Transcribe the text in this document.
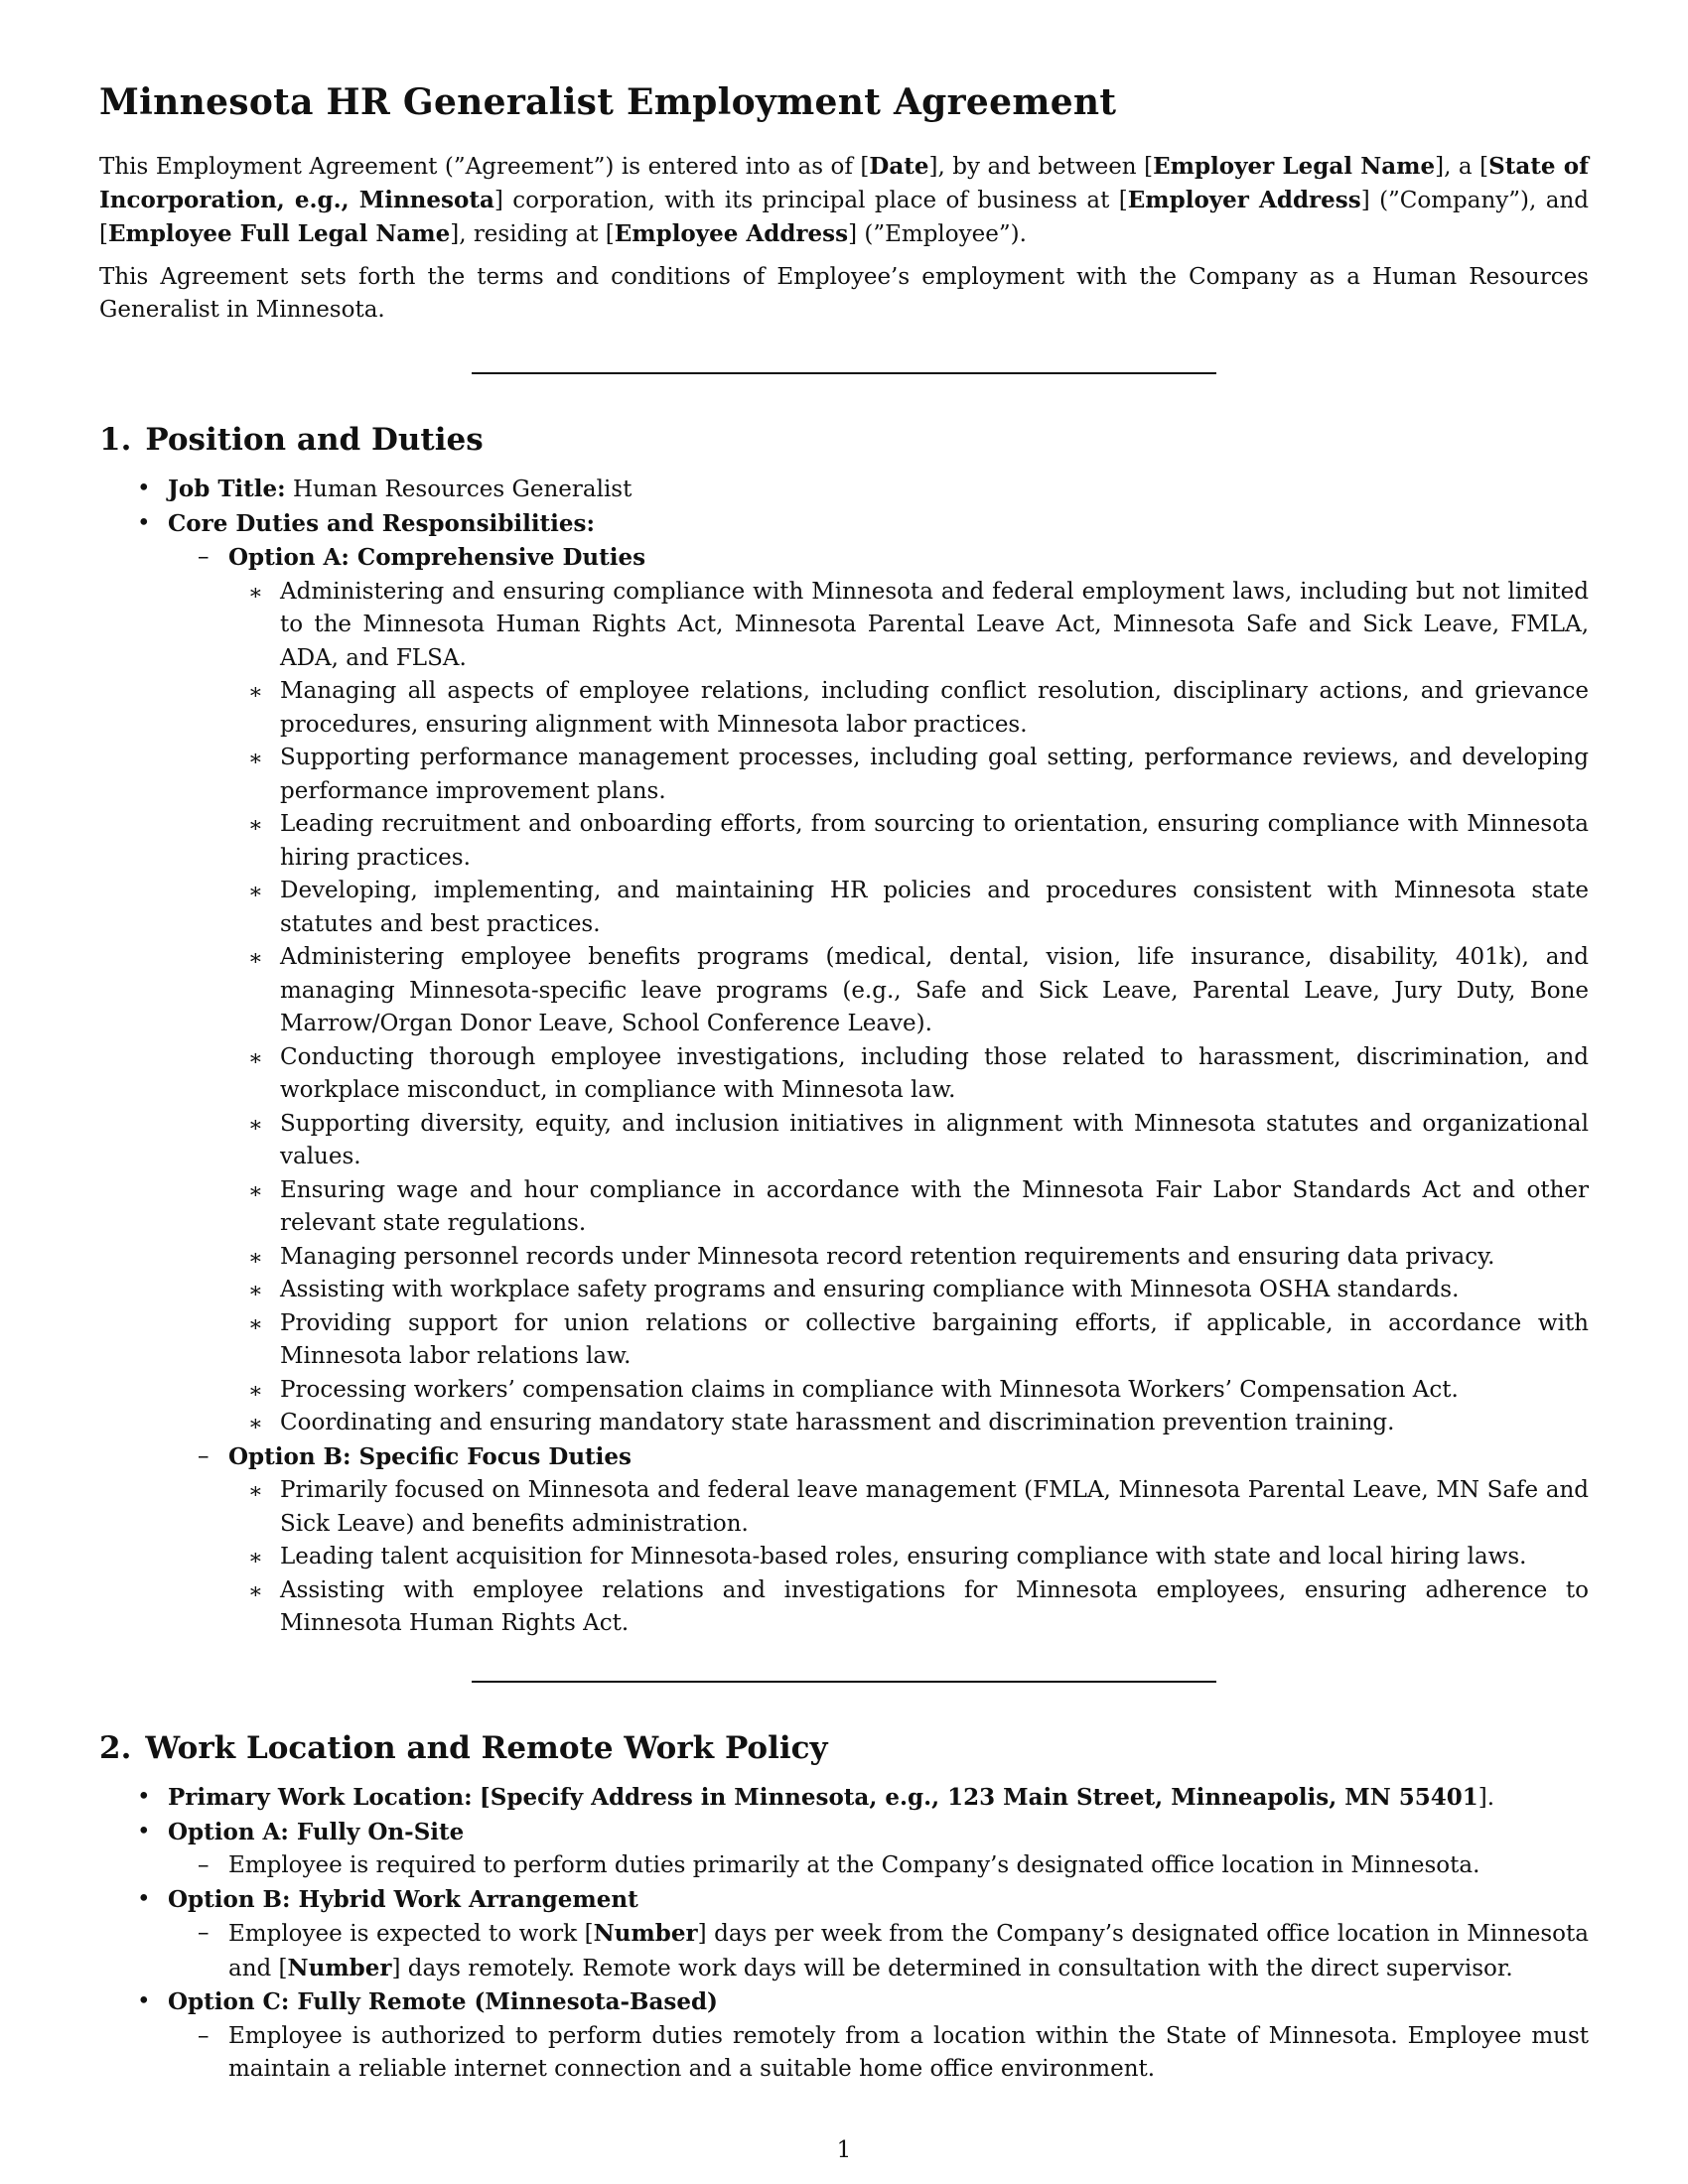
Minnesota HR Generalist Employment Agreement

This Employment Agreement (”Agreement”) is entered into as of [Date], by and between [Employer Legal Name], a [State of Incorporation, e.g., Minnesota] corporation, with its principal place of business at [Employer Address] (”Company”), and [Employee Full Legal Name], residing at [Employee Address] (”Employee”).

This Agreement sets forth the terms and conditions of Employee’s employment with the Company as a Human Resources Generalist in Minnesota.

1. Position and Duties
• Job Title: Human Resources Generalist
• Core Duties and Responsibilities:
– Option A: Comprehensive Duties
∗ Administering and ensuring compliance with Minnesota and federal employment laws, including but not limited to the Minnesota Human Rights Act, Minnesota Parental Leave Act, Minnesota Safe and Sick Leave, FMLA, ADA, and FLSA.
∗ Managing all aspects of employee relations, including conflict resolution, disciplinary actions, and grievance procedures, ensuring alignment with Minnesota labor practices.
∗ Supporting performance management processes, including goal setting, performance reviews, and developing performance improvement plans.
∗ Leading recruitment and onboarding efforts, from sourcing to orientation, ensuring compliance with Minnesota hiring practices.
∗ Developing, implementing, and maintaining HR policies and procedures consistent with Minnesota state statutes and best practices.
∗ Administering employee benefits programs (medical, dental, vision, life insurance, disability, 401k), and managing Minnesota-specific leave programs (e.g., Safe and Sick Leave, Parental Leave, Jury Duty, Bone Marrow/Organ Donor Leave, School Conference Leave).
∗ Conducting thorough employee investigations, including those related to harassment, discrimination, and workplace misconduct, in compliance with Minnesota law.
∗ Supporting diversity, equity, and inclusion initiatives in alignment with Minnesota statutes and organizational values.
∗ Ensuring wage and hour compliance in accordance with the Minnesota Fair Labor Standards Act and other relevant state regulations.
∗ Managing personnel records under Minnesota record retention requirements and ensuring data privacy.
∗ Assisting with workplace safety programs and ensuring compliance with Minnesota OSHA standards.
∗ Providing support for union relations or collective bargaining efforts, if applicable, in accordance with Minnesota labor relations law.
∗ Processing workers’ compensation claims in compliance with Minnesota Workers’ Compensation Act.
∗ Coordinating and ensuring mandatory state harassment and discrimination prevention training.
– Option B: Specific Focus Duties
∗ Primarily focused on Minnesota and federal leave management (FMLA, Minnesota Parental Leave, MN Safe and Sick Leave) and benefits administration.
∗ Leading talent acquisition for Minnesota-based roles, ensuring compliance with state and local hiring laws.
∗ Assisting with employee relations and investigations for Minnesota employees, ensuring adherence to Minnesota Human Rights Act.
2. Work Location and Remote Work Policy
• Primary Work Location: [Specify Address in Minnesota, e.g., 123 Main Street, Minneapolis, MN 55401].
• Option A: Fully On-Site
– Employee is required to perform duties primarily at the Company’s designated office location in Minnesota.
• Option B: Hybrid Work Arrangement
– Employee is expected to work [Number] days per week from the Company’s designated office location in Minnesota and [Number] days remotely. Remote work days will be determined in consultation with the direct supervisor.
• Option C: Fully Remote (Minnesota-Based)
– Employee is authorized to perform duties remotely from a location within the State of Minnesota. Employee must maintain a reliable internet connection and a suitable home office environment.
1
